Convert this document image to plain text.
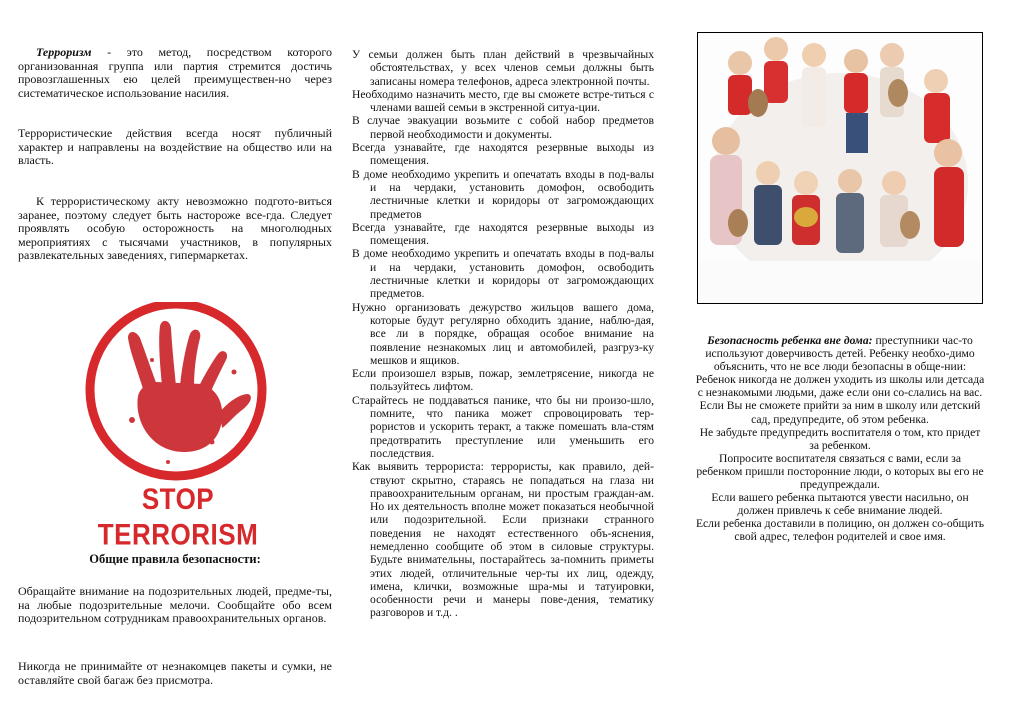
Терроризм - это метод, посредством которого организованная группа или партия стремится достичь провозглашенных ею целей преимуществен-но через систематическое использование насилия.

Террористические действия всегда носят публичный характер и направлены на воздействие на общество или на власть.

К террористическому акту невозможно подгото-виться заранее, поэтому следует быть настороже все-гда. Следует проявлять особую осторожность на многолюдных мероприятиях с тысячами участников, в популярных развлекательных заведениях, гипермаркетах.

STOP TERRORISM
Общие правила безопасности:

Обращайте внимание на подозрительных людей, предме-ты, на любые подозрительные мелочи. Сообщайте обо всем подозрительном сотрудникам правоохранительных органов.

Никогда не принимайте от незнакомцев пакеты и сумки, не оставляйте свой багаж без присмотра.

У семьи должен быть план действий в чрезвычайных обстоятельствах, у всех членов семьи должны быть записаны номера телефонов, адреса электронной почты.

Необходимо назначить место, где вы сможете встре-титься с членами вашей семьи в экстренной ситуа-ции.

В случае эвакуации возьмите с собой набор предметов первой необходимости и документы.

Всегда узнавайте, где находятся резервные выходы из помещения.

В доме необходимо укрепить и опечатать входы в под-валы и на чердаки, установить домофон, освободить лестничные клетки и коридоры от загромождающих предметов

Всегда узнавайте, где находятся резервные выходы из помещения.

В доме необходимо укрепить и опечатать входы в под-валы и на чердаки, установить домофон, освободить лестничные клетки и коридоры от загромождающих предметов.

Нужно организовать дежурство жильцов вашего дома, которые будут регулярно обходить здание, наблю-дая, все ли в порядке, обращая особое внимание на появление незнакомых лиц и автомобилей, разгруз-ку мешков и ящиков.

Если произошел взрыв, пожар, землетрясение, никогда не пользуйтесь лифтом.

Старайтесь не поддаваться панике, что бы ни произо-шло, помните, что паника может спровоцировать тер-рористов и ускорить теракт, а также помешать вла-стям предотвратить преступление или уменьшить его последствия.

Как выявить террориста: террористы, как правило, дей-ствуют скрытно, стараясь не попадаться на глаза ни правоохранительным органам, ни простым граждан-ам. Но их деятельность вполне может показаться необычной или подозрительной. Если признаки странного поведения не находят естественного объ-яснения, немедленно сообщите об этом в силовые структуры. Будьте внимательны, постарайтесь за-помнить приметы этих людей, отличительные чер-ты их лиц, одежду, имена, клички, возможные шра-мы и татуировки, особенности речи и манеры пове-дения, тематику разговоров и т.д. .

Безопасность ребенка вне дома: преступники час-то используют доверчивость детей. Ребенку необхо-димо объяснить, что не все люди безопасны в обще-нии:

Ребенок никогда не должен уходить из школы или детсада с незнакомыми людьми, даже если они со-слались на вас.

Если Вы не сможете прийти за ним в школу или детский сад, предупредите, об этом ребенка.

Не забудьте предупредить воспитателя о том, кто придет за ребенком.

Попросите воспитателя связаться с вами, если за ребенком пришли посторонние люди, о которых вы его не предупреждали.

Если вашего ребенка пытаются увести насильно, он должен привлечь к себе внимание людей.

Если ребенка доставили в полицию, он должен со-общить свой адрес, телефон родителей и свое имя.
